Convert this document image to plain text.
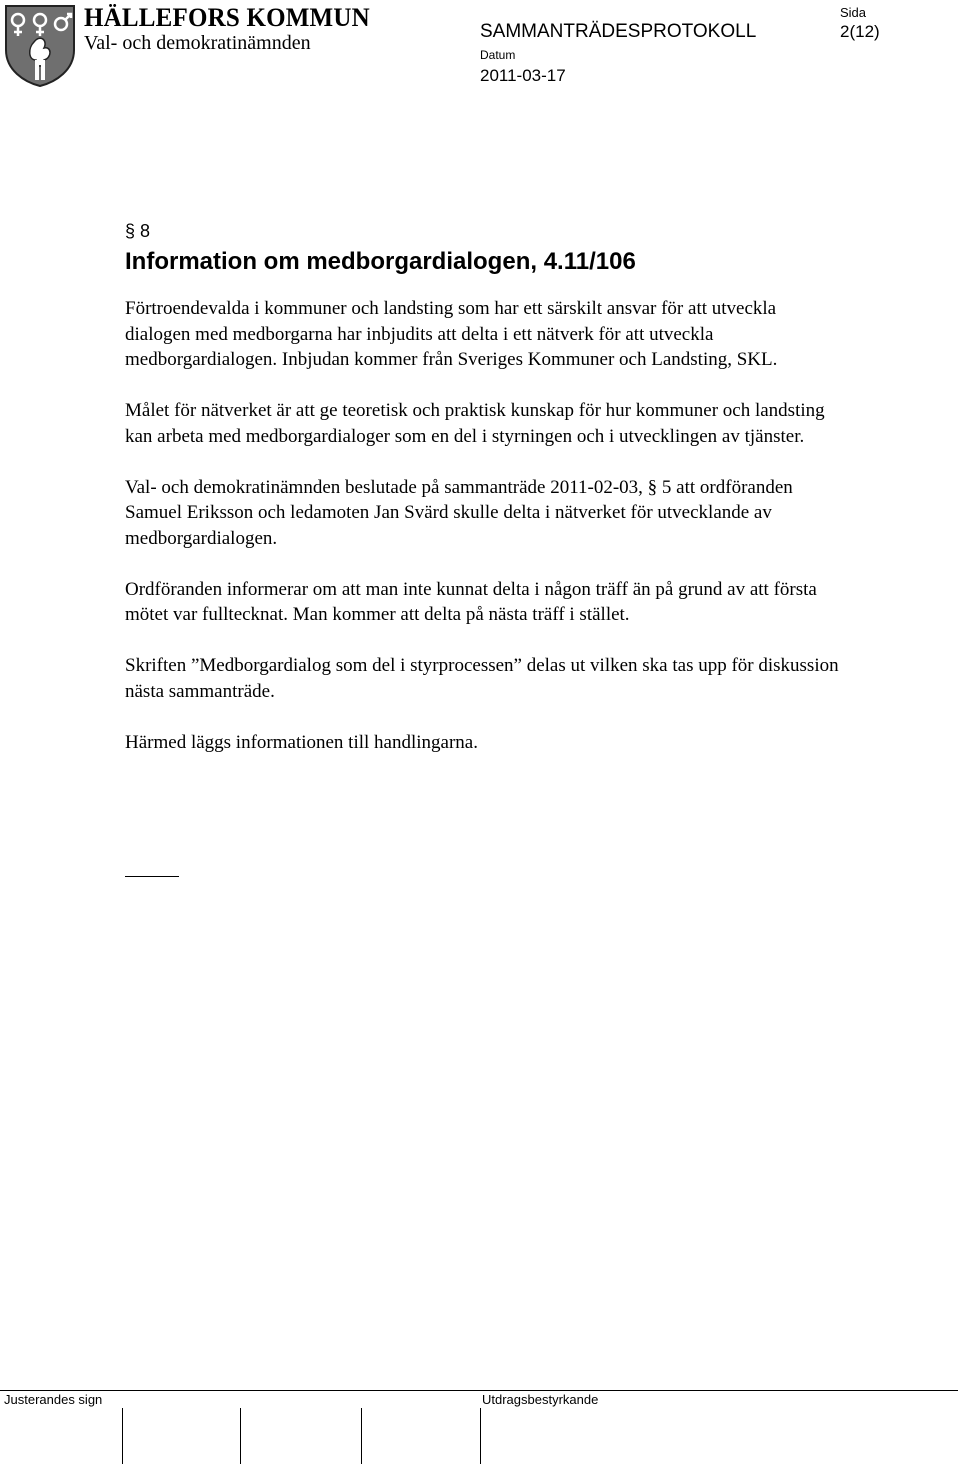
HÄLLEFORS KOMMUN
Val- och demokratinämnden
SAMMANTRÄDESPROTOKOLL
Datum
2011-03-17
Sida
2(12)
§ 8
Information om medborgardialogen, 4.11/106

Förtroendevalda i kommuner och landsting som har ett särskilt ansvar för att utveckla dialogen med medborgarna har inbjudits att delta i ett nätverk för att utveckla medborgardialogen. Inbjudan kommer från Sveriges Kommuner och Landsting, SKL.

Målet för nätverket är att ge teoretisk och praktisk kunskap för hur kommuner och landsting kan arbeta med medborgardialoger som en del i styrningen och i utvecklingen av tjänster.

Val- och demokratinämnden beslutade på sammanträde 2011-02-03, § 5 att ordföranden Samuel Eriksson och ledamoten Jan Svärd skulle delta i nätverket för utvecklande av medborgardialogen.

Ordföranden informerar om att man inte kunnat delta i någon träff än på grund av att första mötet var fulltecknat. Man kommer att delta på nästa träff i stället.

Skriften ”Medborgardialog som del i styrprocessen” delas ut vilken ska tas upp för diskussion nästa sammanträde.

Härmed läggs informationen till handlingarna.

Justerandes sign	Utdragsbestyrkande
